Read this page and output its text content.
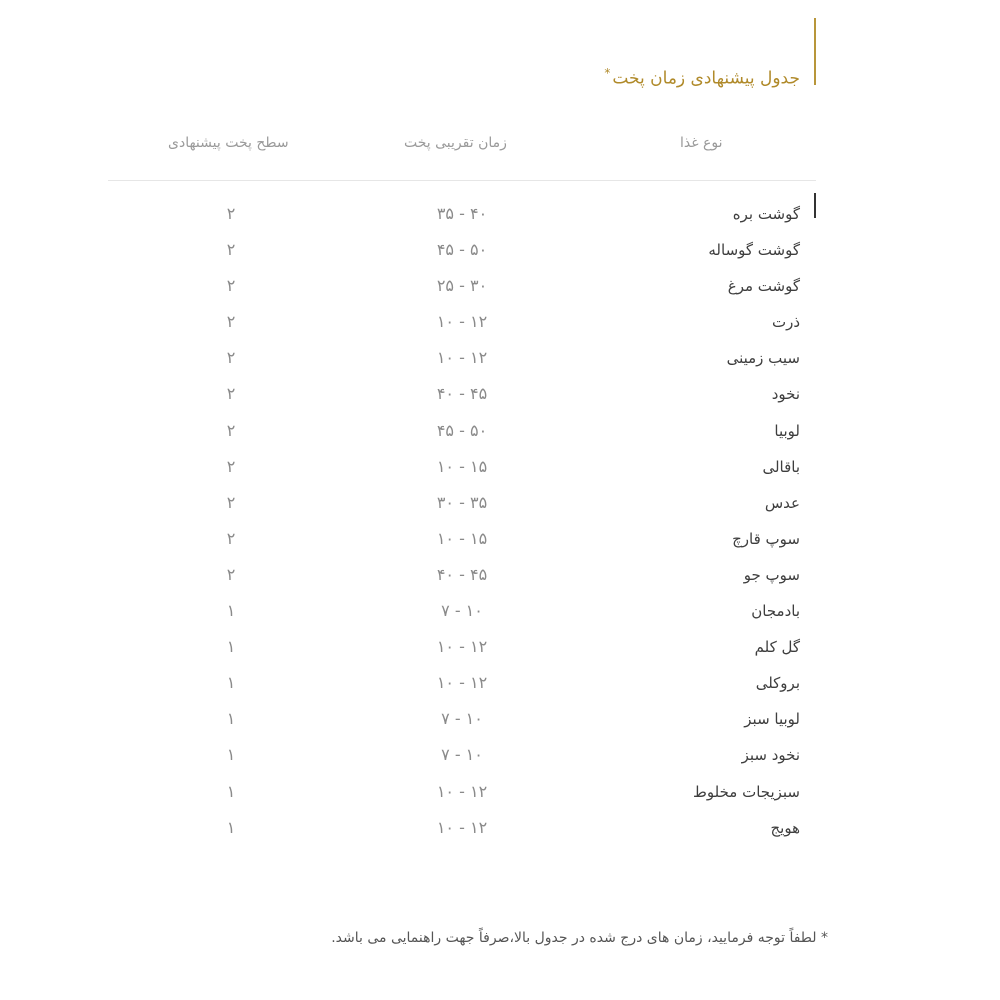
جدول پیشنهادی زمان پخت*
نوع غذا
زمان تقریبی پخت
سطح پخت پیشنهادی
گوشت بره
۳۵ - ۴۰
۲
گوشت گوساله
۴۵ - ۵۰
۲
گوشت مرغ
۲۵ - ۳۰
۲
ذرت
۱۰ - ۱۲
۲
سیب زمینی
۱۰ - ۱۲
۲
نخود
۴۰ - ۴۵
۲
لوبیا
۴۵ - ۵۰
۲
باقالی
۱۰ - ۱۵
۲
عدس
۳۰ - ۳۵
۲
سوپ قارچ
۱۰ - ۱۵
۲
سوپ جو
۴۰ - ۴۵
۲
بادمجان
۷ - ۱۰
۱
گل کلم
۱۰ - ۱۲
۱
بروکلی
۱۰ - ۱۲
۱
لوبیا سبز
۷ - ۱۰
۱
نخود سبز
۷ - ۱۰
۱
سبزیجات مخلوط
۱۰ - ۱۲
۱
هویج
۱۰ - ۱۲
۱
* لطفاً توجه فرمایید، زمان های درج شده در جدول بالا،صرفاً جهت راهنمایی می باشد.
